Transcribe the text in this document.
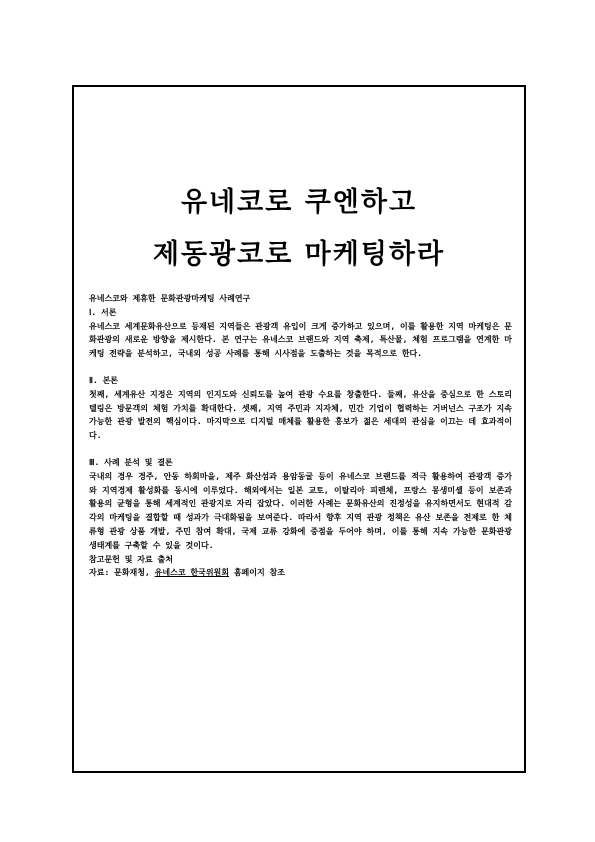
유네코로 쿠엔하고
제동광코로 마케팅하라

유네스코와 제휴한 문화관광마케팅 사례연구

Ⅰ. 서론

유네스코 세계문화유산으로 등재된 지역들은 관광객 유입이 크게 증가하고 있으며, 이를 활용한 지역 마케팅은 문화관광의 새로운 방향을 제시한다. 본 연구는 유네스코 브랜드와 지역 축제, 특산물, 체험 프로그램을 연계한 마케팅 전략을 분석하고, 국내외 성공 사례를 통해 시사점을 도출하는 것을 목적으로 한다.

Ⅱ. 본론

첫째, 세계유산 지정은 지역의 인지도와 신뢰도를 높여 관광 수요를 창출한다. 둘째, 유산을 중심으로 한 스토리텔링은 방문객의 체험 가치를 확대한다. 셋째, 지역 주민과 지자체, 민간 기업이 협력하는 거버넌스 구조가 지속 가능한 관광 발전의 핵심이다. 마지막으로 디지털 매체를 활용한 홍보가 젊은 세대의 관심을 이끄는 데 효과적이다.

Ⅲ. 사례 분석 및 결론

국내의 경우 경주, 안동 하회마을, 제주 화산섬과 용암동굴 등이 유네스코 브랜드를 적극 활용하여 관광객 증가와 지역경제 활성화를 동시에 이루었다. 해외에서는 일본 교토, 이탈리아 피렌체, 프랑스 몽생미셸 등이 보존과 활용의 균형을 통해 세계적인 관광지로 자리 잡았다. 이러한 사례는 문화유산의 진정성을 유지하면서도 현대적 감각의 마케팅을 결합할 때 성과가 극대화됨을 보여준다. 따라서 향후 지역 관광 정책은 유산 보존을 전제로 한 체류형 관광 상품 개발, 주민 참여 확대, 국제 교류 강화에 중점을 두어야 하며, 이를 통해 지속 가능한 문화관광 생태계를 구축할 수 있을 것이다.

참고문헌 및 자료 출처

자료: 문화재청, 유네스코 한국위원회 홈페이지 참조
